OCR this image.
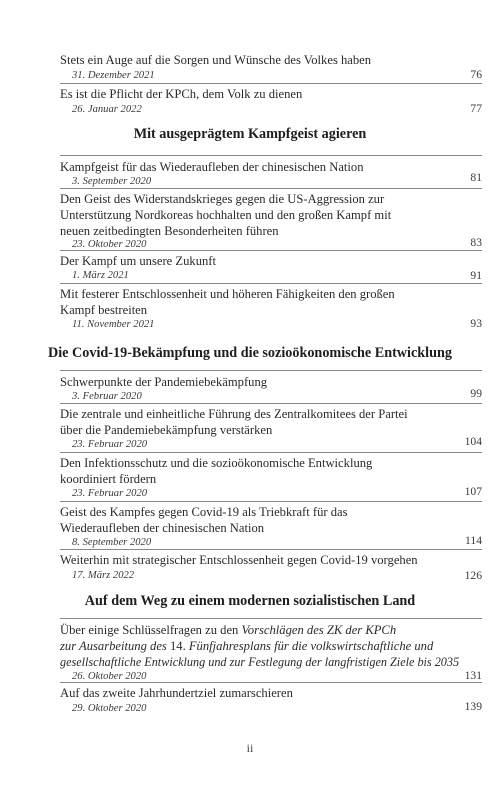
Stets ein Auge auf die Sorgen und Wünsche des Volkes haben
31. Dezember 2021	76
Es ist die Pflicht der KPCh, dem Volk zu dienen
26. Januar 2022	77
Mit ausgeprägtem Kampfgeist agieren
Kampfgeist für das Wiederaufleben der chinesischen Nation
3. September 2020	81
Den Geist des Widerstandskrieges gegen die US-Aggression zur
Unterstützung Nordkoreas hochhalten und den großen Kampf mit
neuen zeitbedingten Besonderheiten führen
23. Oktober 2020	83
Der Kampf um unsere Zukunft
1. März 2021	91
Mit festerer Entschlossenheit und höheren Fähigkeiten den großen
Kampf bestreiten
11. November 2021	93
Die Covid-19-Bekämpfung und die sozioökonomische Entwicklung
Schwerpunkte der Pandemiebekämpfung
3. Februar 2020	99
Die zentrale und einheitliche Führung des Zentralkomitees der Partei
über die Pandemiebekämpfung verstärken
23. Februar 2020	104
Den Infektionsschutz und die sozioökonomische Entwicklung
koordiniert fördern
23. Februar 2020	107
Geist des Kampfes gegen Covid-19 als Triebkraft für das
Wiederaufleben der chinesischen Nation
8. September 2020	114
Weiterhin mit strategischer Entschlossenheit gegen Covid-19 vorgehen
17. März 2022	126
Auf dem Weg zu einem modernen sozialistischen Land
Über einige Schlüsselfragen zu den Vorschlägen des ZK der KPCh
zur Ausarbeitung des 14. Fünfjahresplans für die volkswirtschaftliche und
gesellschaftliche Entwicklung und zur Festlegung der langfristigen Ziele bis 2035
26. Oktober 2020	131
Auf das zweite Jahrhundertziel zumarschieren
29. Oktober 2020	139
ii
